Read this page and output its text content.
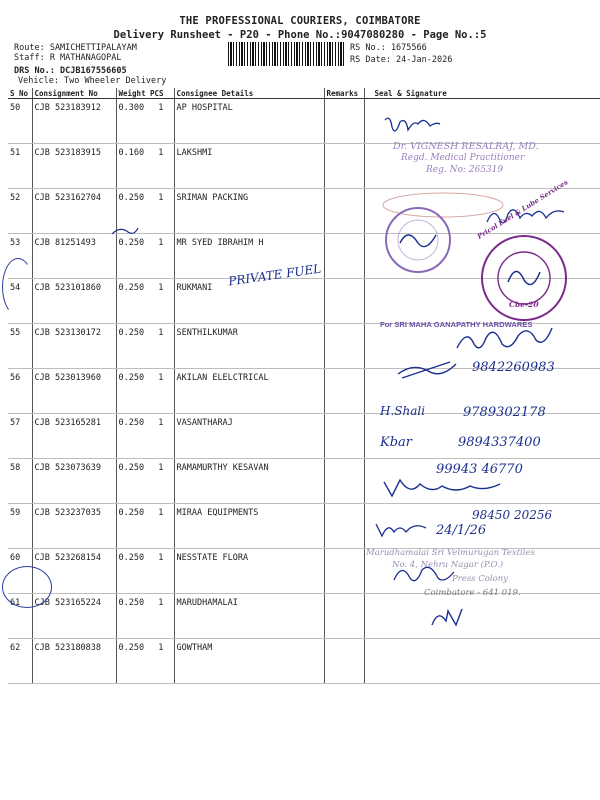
THE PROFESSIONAL COURIERS, COIMBATORE
Delivery Runsheet - P20 - Phone No.:9047080280 - Page No.:5
Route: SAMICHETTIPALAYAM
Staff: R MATHANAGOPAL
DRS No.: DCJB167556605
Vehicle: Two Wheeler Delivery
RS No.: 1675566
RS Date: 24-Jan-2026
S No	Consignment No	Weight	PCS	Consignee Details	Remarks	Seal & Signature
50	CJB 523183912	0.300	1	AP HOSPITAL		
51	CJB 523183915	0.160	1	LAKSHMI		
52	CJB 523162704	0.250	1	SRIMAN PACKING		
53	CJB 81251493	0.250	1	MR SYED IBRAHIM H		
54	CJB 523101860	0.250	1	RUKMANI		
55	CJB 523130172	0.250	1	SENTHILKUMAR		
56	CJB 523013960	0.250	1	AKILAN ELELCTRICAL		
57	CJB 523165281	0.250	1	VASANTHARAJ		
58	CJB 523073639	0.250	1	RAMAMURTHY KESAVAN		
59	CJB 523237035	0.250	1	MIRAA EQUIPMENTS		
60	CJB 523268154	0.250	1	NESSTATE FLORA		
61	CJB 523165224	0.250	1	MARUDHAMALAI		
62	CJB 523180838	0.250	1	GOWTHAM		
Dr. VIGNESH RESALRAJ, MD.
Regd. Medical Practitioner
Reg. No: 265319
Pricol Fuel & Lube Services
Cbe-20
PRIVATE FUEL
For SRI MAHA GANAPATHY HARDWARES
9842260983
H.Shali	9789302178
Kbar	9894337400
99943 46770
98450 20256
24/1/26
Marudhamalai Sri Velmurugan Textiles
No. 4, Nehru Nagar (P.O.)
Press Colony
Coimbatore - 641 019.
